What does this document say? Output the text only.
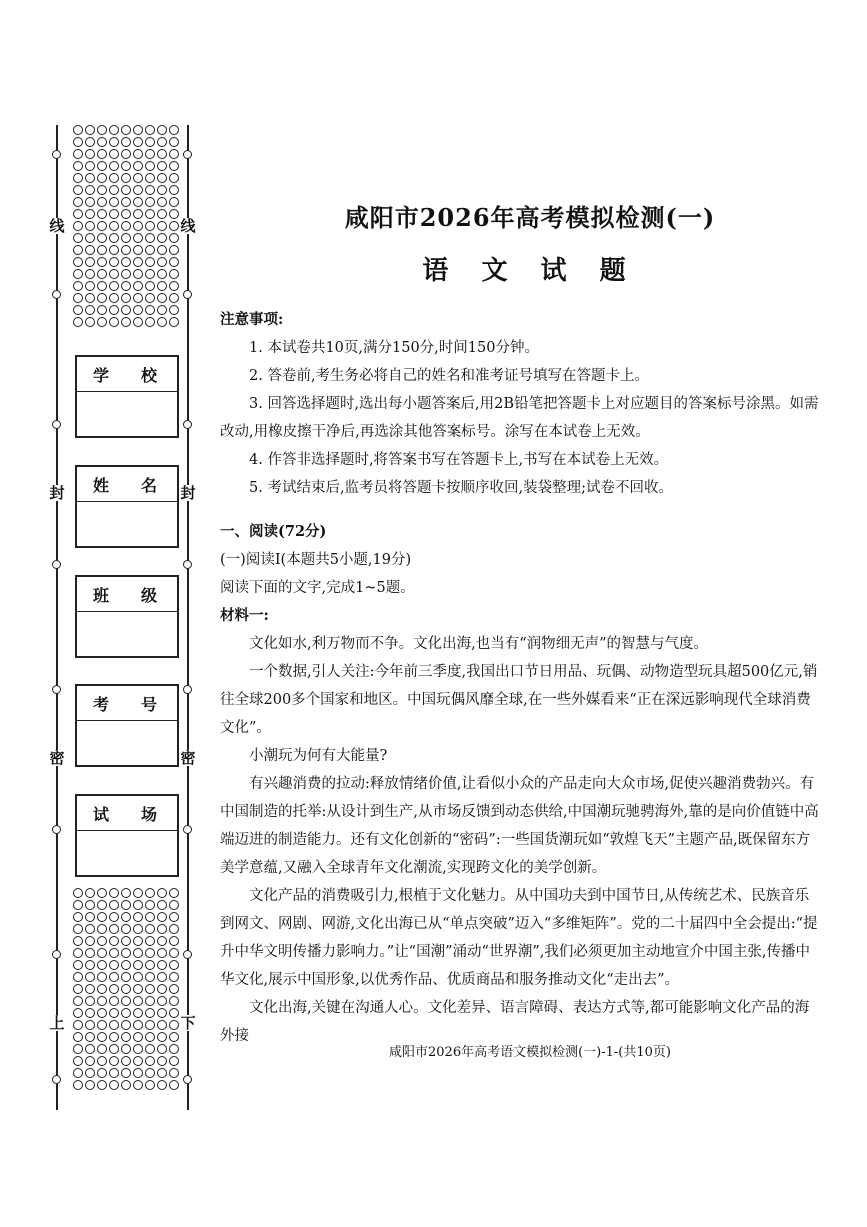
线
封
密
上
线
封
密
下
学　　校
姓　　名
班　　级
考　　号
试　　场
咸阳市2026年高考模拟检测(一)
语 文 试 题

注意事项:

1. 本试卷共10页,满分150分,时间150分钟。

2. 答卷前,考生务必将自己的姓名和准考证号填写在答题卡上。

3. 回答选择题时,选出每小题答案后,用2B铅笔把答题卡上对应题目的答案标号涂黑。如需改动,用橡皮擦干净后,再选涂其他答案标号。涂写在本试卷上无效。

4. 作答非选择题时,将答案书写在答题卡上,书写在本试卷上无效。

5. 考试结束后,监考员将答题卡按顺序收回,装袋整理;试卷不回收。

一、阅读(72分)

(一)阅读I(本题共5小题,19分)

阅读下面的文字,完成1~5题。

材料一:

文化如水,利万物而不争。文化出海,也当有“润物细无声”的智慧与气度。

一个数据,引人关注:今年前三季度,我国出口节日用品、玩偶、动物造型玩具超500亿元,销往全球200多个国家和地区。中国玩偶风靡全球,在一些外媒看来“正在深远影响现代全球消费文化”。

小潮玩为何有大能量?

有兴趣消费的拉动:释放情绪价值,让看似小众的产品走向大众市场,促使兴趣消费勃兴。有中国制造的托举:从设计到生产,从市场反馈到动态供给,中国潮玩驰骋海外,靠的是向价值链中高端迈进的制造能力。还有文化创新的“密码”:一些国货潮玩如“敦煌飞天”主题产品,既保留东方美学意蕴,又融入全球青年文化潮流,实现跨文化的美学创新。

文化产品的消费吸引力,根植于文化魅力。从中国功夫到中国节日,从传统艺术、民族音乐到网文、网剧、网游,文化出海已从“单点突破”迈入“多维矩阵”。党的二十届四中全会提出:“提升中华文明传播力影响力。”让“国潮”涌动“世界潮”,我们必须更加主动地宣介中国主张,传播中华文化,展示中国形象,以优秀作品、优质商品和服务推动文化“走出去”。

文化出海,关键在沟通人心。文化差异、语言障碍、表达方式等,都可能影响文化产品的海外接

咸阳市2026年高考语文模拟检测(一)-1-(共10页)
